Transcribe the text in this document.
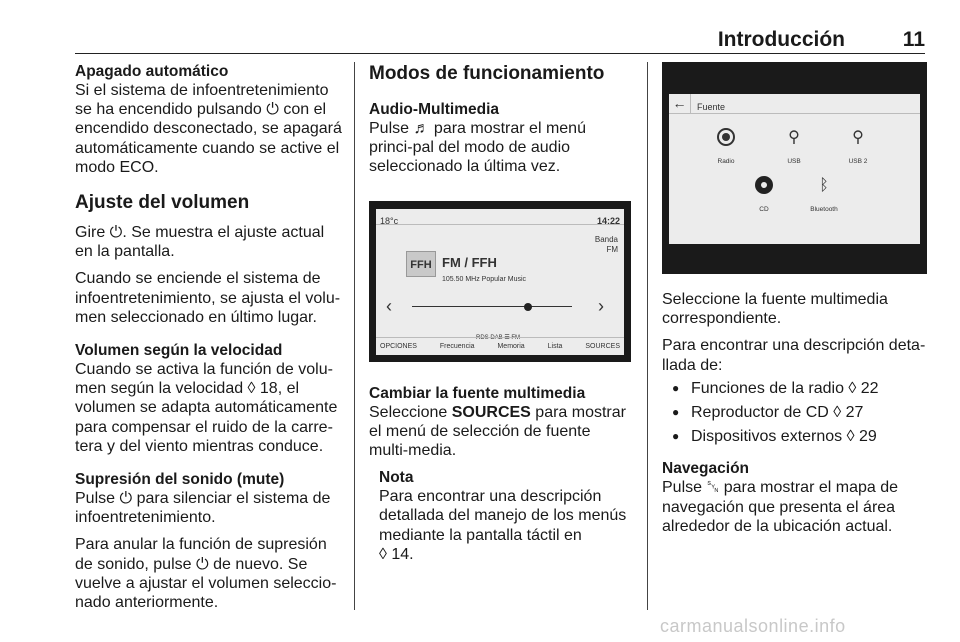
Introducción	11
Apagado automático

Si el sistema de infoentretenimiento se ha encendido pulsando ⏻ con el encendido desconectado, se apagará automáticamente cuando se active el modo ECO.

Ajuste del volumen

Gire ⏻. Se muestra el ajuste actual en la pantalla.

Cuando se enciende el sistema de infoentretenimiento, se ajusta el volu-men seleccionado en último lugar.

Volumen según la velocidad

Cuando se activa la función de volu-men según la velocidad ◊ 18, el volumen se adapta automáticamente para compensar el ruido de la carre-tera y del viento mientras conduce.

Supresión del sonido (mute)

Pulse ⏻ para silenciar el sistema de infoentretenimiento.

Para anular la función de supresión de sonido, pulse ⏻ de nuevo. Se vuelve a ajustar el volumen seleccio-nado anteriormente.

Modos de funcionamiento
Audio-Multimedia

Pulse ♬ para mostrar el menú princi-pal del modo de audio seleccionado la última vez.

18°c	14:22
Banda
FM
FFH FM / FFH
105.50 MHz Popular Music
‹	›
RDS DAB ☰ FM
OPCIONES	Frecuencia	Memoria	Lista	SOURCES
Cambiar la fuente multimedia

Seleccione SOURCES para mostrar el menú de selección de fuente multi-media.

Nota

Para encontrar una descripción detallada del manejo de los menús mediante la pantalla táctil en

◊ 14.

←	Fuente
Radio
⚲
USB
⚲
USB 2
CD
ᛒ
Bluetooth

Seleccione la fuente multimedia correspondiente.

Para encontrar una descripción deta-llada de:

● Funciones de la radio ◊ 22
● Reproductor de CD ◊ 27
● Dispositivos externos ◊ 29
Navegación

Pulse ␖ para mostrar el mapa de navegación que presenta el área alrededor de la ubicación actual.

carmanualsonline.info
